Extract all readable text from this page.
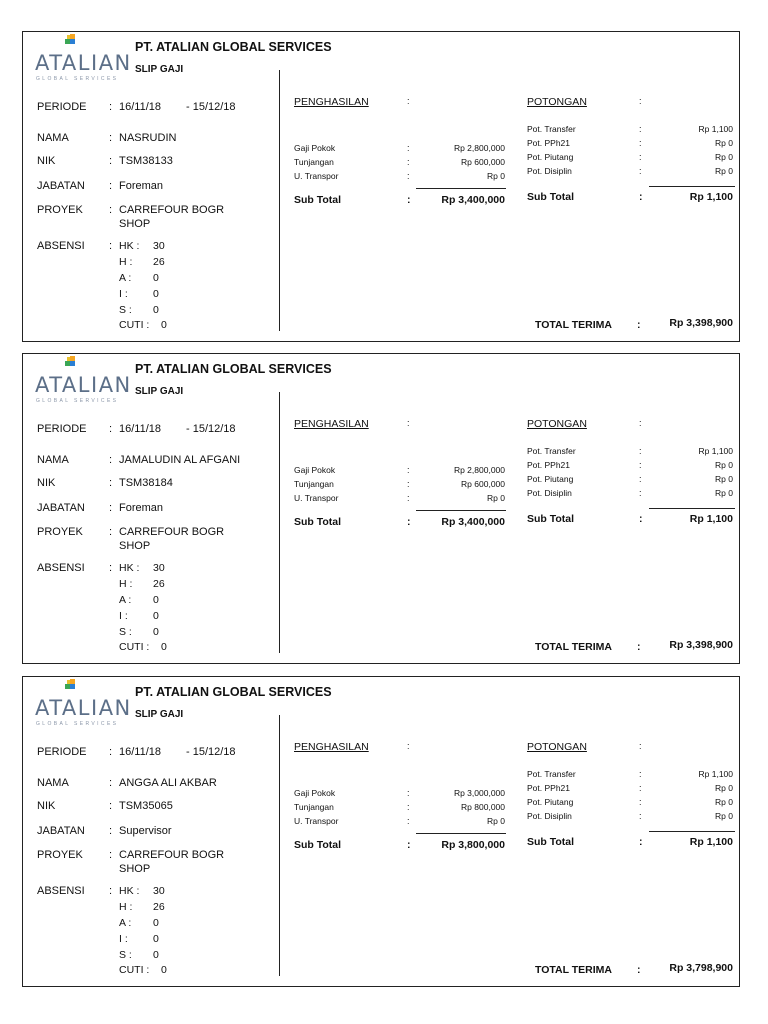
ATALIAN
GLOBAL SERVICES
PT. ATALIAN GLOBAL SERVICES
SLIP GAJI
PERIODE : 16/11/18 - 15/12/18
NAMA	: NASRUDIN
NIK	: TSM38133
JABATAN : Foreman
PROYEK : CARREFOUR BOGR
SHOP
ABSENSI : HK : 30
H : 26
A : 0
I : 0
S : 0
CUTI : 0
PENGHASILAN	:	POTONGAN	:
Gaji Pokok	:	Rp 2,800,000
Tunjangan	:	Rp 600,000
U. Transpor	:	Rp 0
Sub Total	:	Rp 3,400,000
Pot. Transfer	:	Rp 1,100
Pot. PPh21	:	Rp 0
Pot. Piutang	:	Rp 0
Pot. Disiplin	:	Rp 0
Sub Total	:	Rp 1,100
TOTAL TERIMA :	Rp 3,398,900
ATALIAN
GLOBAL SERVICES
PT. ATALIAN GLOBAL SERVICES
SLIP GAJI
PERIODE : 16/11/18 - 15/12/18
NAMA	: JAMALUDIN AL AFGANI
NIK	: TSM38184
JABATAN : Foreman
PROYEK : CARREFOUR BOGR
SHOP
ABSENSI : HK : 30
H : 26
A : 0
I : 0
S : 0
CUTI : 0
PENGHASILAN	:	POTONGAN	:
Gaji Pokok	:	Rp 2,800,000
Tunjangan	:	Rp 600,000
U. Transpor	:	Rp 0
Sub Total	:	Rp 3,400,000
Pot. Transfer	:	Rp 1,100
Pot. PPh21	:	Rp 0
Pot. Piutang	:	Rp 0
Pot. Disiplin	:	Rp 0
Sub Total	:	Rp 1,100
TOTAL TERIMA :	Rp 3,398,900
ATALIAN
GLOBAL SERVICES
PT. ATALIAN GLOBAL SERVICES
SLIP GAJI
PERIODE : 16/11/18 - 15/12/18
NAMA	: ANGGA ALI AKBAR
NIK	: TSM35065
JABATAN : Supervisor
PROYEK : CARREFOUR BOGR
SHOP
ABSENSI : HK : 30
H : 26
A : 0
I : 0
S : 0
CUTI : 0
PENGHASILAN	:	POTONGAN	:
Gaji Pokok	:	Rp 3,000,000
Tunjangan	:	Rp 800,000
U. Transpor	:	Rp 0
Sub Total	:	Rp 3,800,000
Pot. Transfer	:	Rp 1,100
Pot. PPh21	:	Rp 0
Pot. Piutang	:	Rp 0
Pot. Disiplin	:	Rp 0
Sub Total	:	Rp 1,100
TOTAL TERIMA :	Rp 3,798,900
